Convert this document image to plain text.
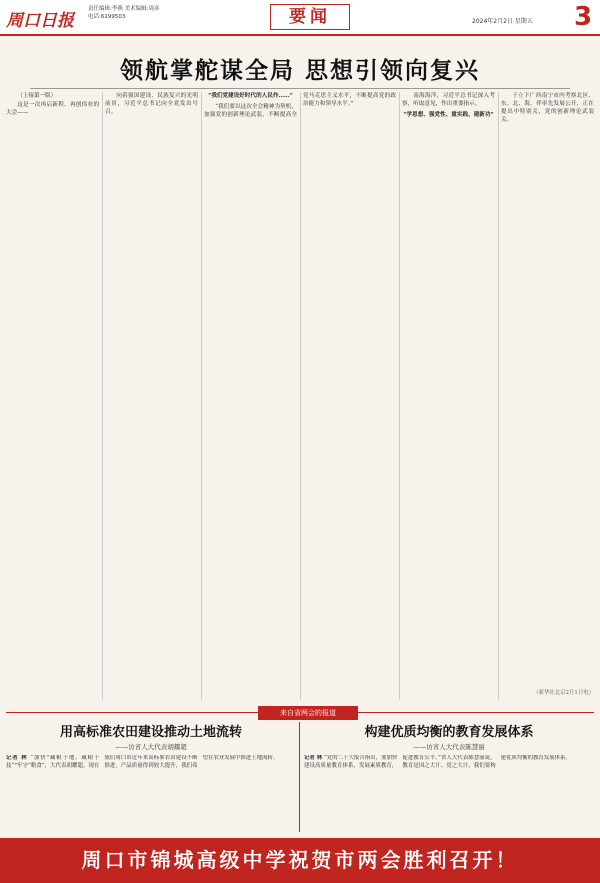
周口日报
责任编辑:李燕 美术编辑:周彦
电话:6199503	要闻	2024年2月2日 星期五	3
领航掌舵谋全局 思想引领向复兴

（上接第一版）

这是一次再启新程、再创伟业的大会——

向着强国建设、民族复兴的光明前景，习近平总书记向全党发出号召。

“我们党建设好时代的人民作……”

“我们要以这次全会精神为契机，加强党的创新理论武装，不断提高全党马克思主义水平，不断提高党的政治能力和领导水平。”

南海海洋，习近平总书记深入考察，听取意见，作出重要指示。

“学思想、强党性、重实践、建新功”

于立下广西南宁市内考察北区、东、北、海，伴率先发展公开，正在提出中特别关，党的创新理论武装关。

（新华社北京2月1日电）
来自省两会的报道
用高标准农田建设推动土地流转
——访省人大代表胡耀超
记者 林 “加快”藏粮于地、藏粮于技“”牢守“粮食”，大代表胡耀超。现在我们周口市近年来高标准农田建设不断推进，产品质量得到较大提升，我们希望在农业发展中推进土地流转。
构建优质均衡的教育发展体系
——访省人大代表陈慧丽
记者 林 “党的二十大报告指出，要加快建设高质量教育体系，发展素质教育，促进教育公平。”省人大代表陈慧丽说，教育是国之大计、党之大计，我们要构建优质均衡的教育发展体系。
周口市锦城高级中学祝贺市两会胜利召开！
